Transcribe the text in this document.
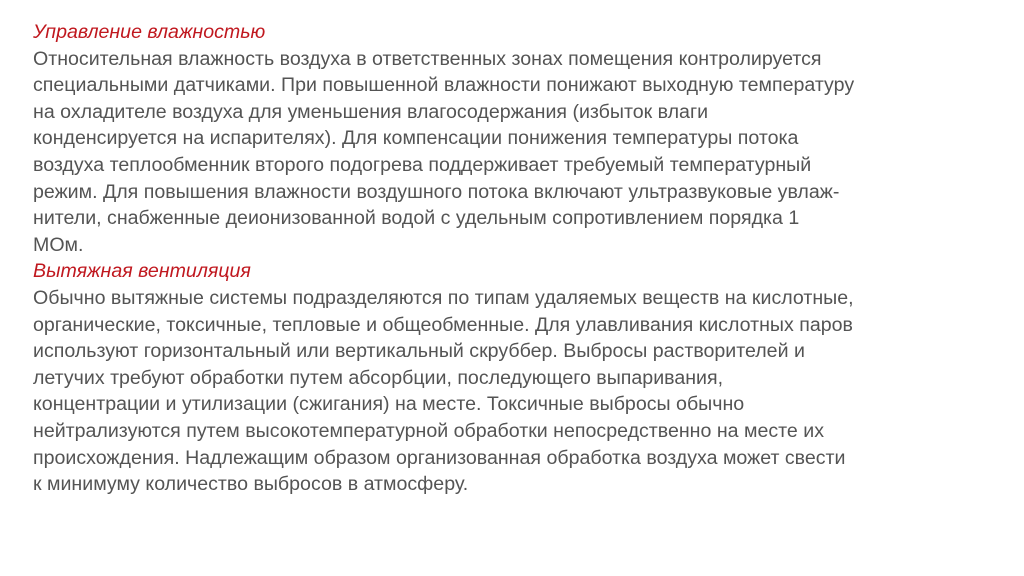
Управление влажностью
Относительная влажность воздуха в ответственных зонах помещения контролируется
специальными датчиками. При повышенной влажности понижают выходную температуру
на охладителе воздуха для уменьшения влагосодержания (избыток влаги
конденсируется на испарителях). Для компенсации понижения температуры потока
воздуха теплообменник второго подогрева поддерживает требуемый температурный
режим. Для повышения влажности воздушного потока включают ультразвуковые увлаж-
нители, снабженные деионизованной водой с удельным сопротивлением порядка 1
МОм.
Вытяжная вентиляция
Обычно вытяжные системы подразделяются по типам удаляемых веществ на кислотные,
органические, токсичные, тепловые и общеобменные. Для улавливания кислотных паров
используют горизонтальный или вертикальный скруббер. Выбросы растворителей и
летучих требуют обработки путем абсорбции, последующего выпаривания,
концентрации и утилизации (сжигания) на месте. Токсичные выбросы обычно
нейтрализуются путем высокотемпературной обработки непосредственно на месте их
происхождения. Надлежащим образом организованная обработка воздуха может свести
к минимуму количество выбросов в атмосферу.
